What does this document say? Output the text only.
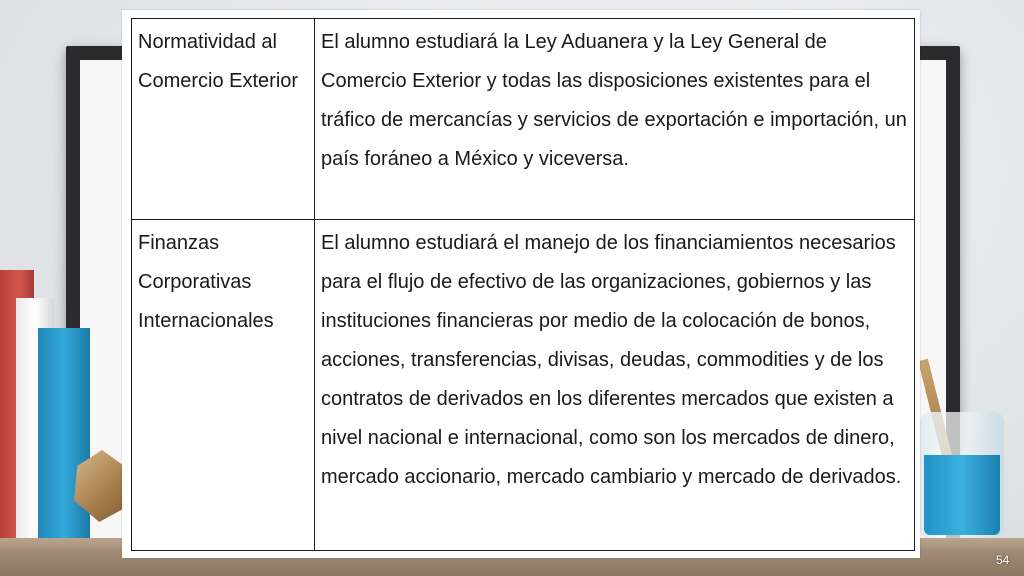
Normatividad al Comercio Exterior	El alumno estudiará la Ley Aduanera y la Ley General de Comercio Exterior y todas las disposiciones existentes para el tráfico de mercancías y servicios de exportación e importación, un país foráneo a México y viceversa.
Finanzas Corporativas Internacionales	El alumno estudiará el manejo de los financiamientos necesarios para el flujo de efectivo de las organizaciones, gobiernos y las instituciones financieras por medio de la colocación de bonos, acciones, transferencias, divisas, deudas, commodities y de los contratos de derivados en los diferentes mercados que existen a nivel nacional e internacional, como son los mercados de dinero, mercado accionario, mercado cambiario y mercado de derivados.
54
